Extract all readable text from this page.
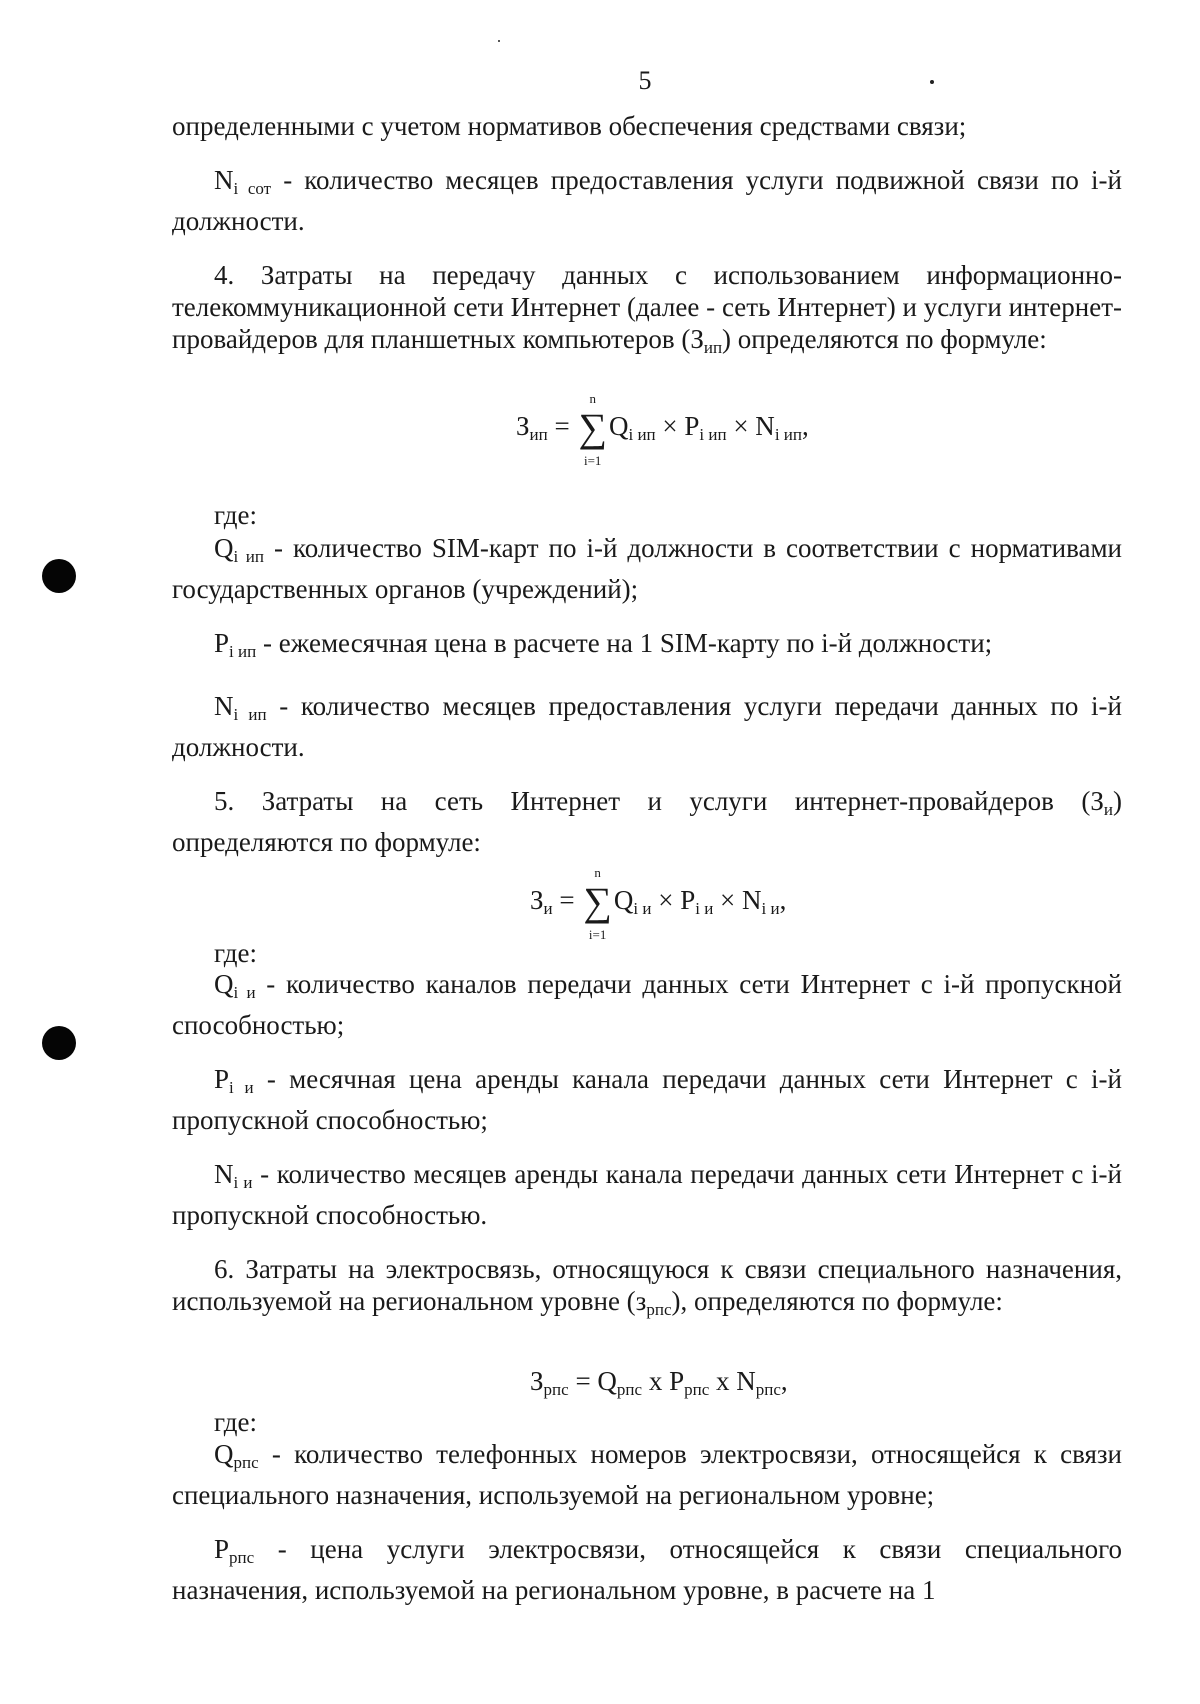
5

определенными с учетом нормативов обеспечения средствами связи;

$N_{i сот}$ - количество месяцев предоставления услуги подвижной связи по i-й должности.

4. Затраты на передачу данных с использованием информационно-телекоммуникационной сети Интернет (далее - сеть Интернет) и услуги интернет-провайдеров для планшетных компьютеров $(З_{ип})$ определяются по формуле:

$З_{ип}$ = ∑
n
i=1
$Q_{i ип} \times P_{i ип} \times N_{i ип}$,
где:

$Q_{i ип}$ - количество SIM-карт по i-й должности в соответствии с нормативами государственных органов (учреждений);

$P_{i ип}$ - ежемесячная цена в расчете на 1 SIM-карту по i-й должности;

$N_{i ип}$ - количество месяцев предоставления услуги передачи данных по i-й должности.

5. Затраты на сеть Интернет и услуги интернет-провайдеров $(З_и)$ определяются по формуле:

$З_и$ = ∑
n
i=1
$Q_{i и} \times P_{i и} \times N_{i и}$,
где:

$Q_{i и}$ - количество каналов передачи данных сети Интернет с i-й пропускной способностью;

$P_{i и}$ - месячная цена аренды канала передачи данных сети Интернет с i-й пропускной способностью;

$N_{i и}$ - количество месяцев аренды канала передачи данных сети Интернет с i-й пропускной способностью.

6. Затраты на электросвязь, относящуюся к связи специального назначения, используемой на региональном уровне $(з_{рпс})$, определяются по формуле:

$З_{рпс} = Q_{рпс}$ х $P_{рпс}$ х $N_{рпс}$,
где:

$Q_{рпс}$ - количество телефонных номеров электросвязи, относящейся к связи специального назначения, используемой на региональном уровне;

$P_{рпс}$ - цена услуги электросвязи, относящейся к связи специального назначения, используемой на региональном уровне, в расчете на 1
